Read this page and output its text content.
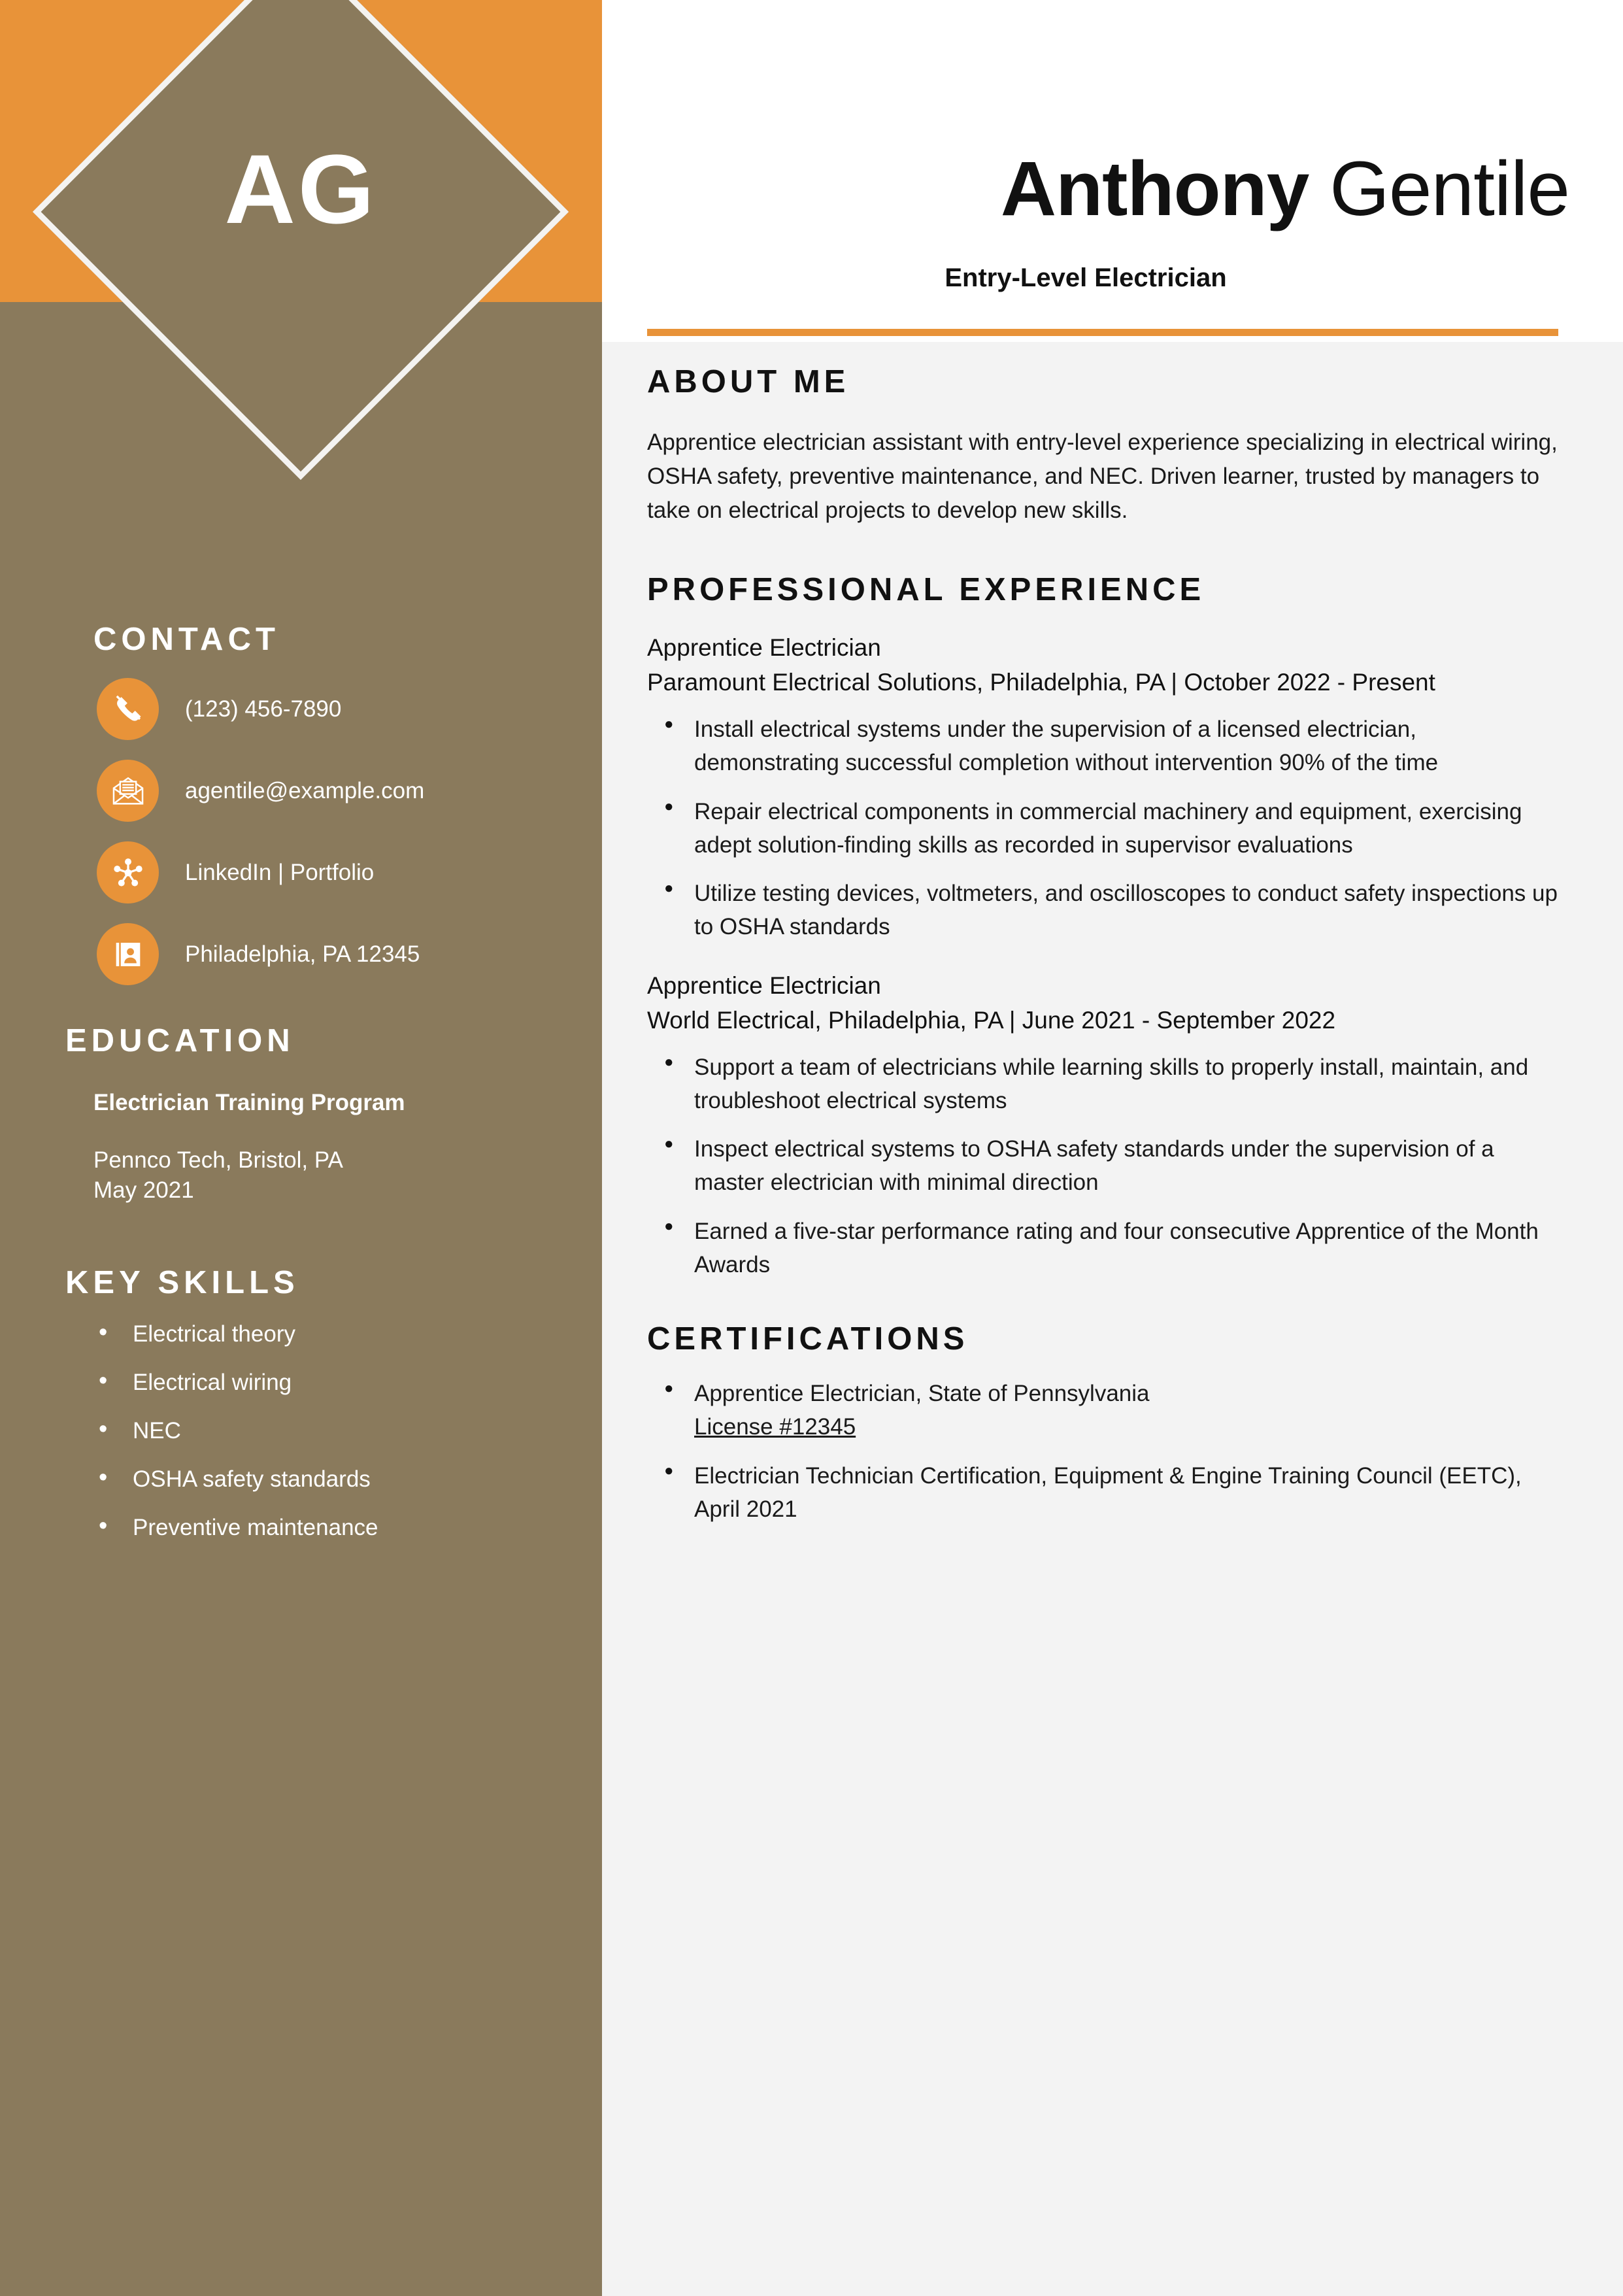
AG
CONTACT
(123) 456-7890
agentile@example.com
LinkedIn | Portfolio
Philadelphia, PA 12345
EDUCATION
Electrician Training Program
Pennco Tech, Bristol, PA
May 2021
KEY SKILLS
• Electrical theory
• Electrical wiring
• NEC
• OSHA safety standards
• Preventive maintenance
Anthony Gentile
Entry-Level Electrician
ABOUT ME

Apprentice electrician assistant with entry-level experience specializing in electrical wiring, OSHA safety, preventive maintenance, and NEC. Driven learner, trusted by managers to take on electrical projects to develop new skills.

PROFESSIONAL EXPERIENCE
Apprentice Electrician
Paramount Electrical Solutions, Philadelphia, PA | October 2022 - Present
● Install electrical systems under the supervision of a licensed electrician, demonstrating successful completion without intervention 90% of the time
● Repair electrical components in commercial machinery and equipment, exercising adept solution-finding skills as recorded in supervisor evaluations
● Utilize testing devices, voltmeters, and oscilloscopes to conduct safety inspections up to OSHA standards
Apprentice Electrician
World Electrical, Philadelphia, PA | June 2021 - September 2022
● Support a team of electricians while learning skills to properly install, maintain, and troubleshoot electrical systems
● Inspect electrical systems to OSHA safety standards under the supervision of a master electrician with minimal direction
● Earned a five-star performance rating and four consecutive Apprentice of the Month Awards
CERTIFICATIONS
● Apprentice Electrician, State of Pennsylvania
License #12345
● Electrician Technician Certification, Equipment & Engine Training Council (EETC), April 2021
